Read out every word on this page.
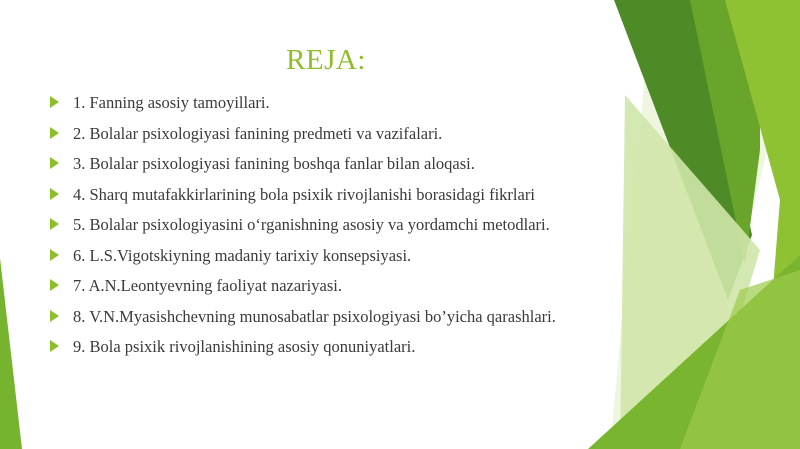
REJA:
1. Fanning asosiy tamoyillari.
2. Bolalar psixologiyasi fanining predmeti va vazifalari.
3. Bolalar psixologiyasi fanining boshqa fanlar bilan aloqasi.
4. Sharq mutafakkirlarining bola psixik rivojlanishi borasidagi fikrlari
5. Bolalar psixologiyasini o‘rganishning asosiy va yordamchi metodlari.
6. L.S.Vigotskiyning madaniy tarixiy konsepsiyasi.
7. A.N.Leontyevning faoliyat nazariyasi.
8. V.N.Myasishchevning munosabatlar psixologiyasi bo’yicha qarashlari.
9. Bola psixik rivojlanishining asosiy qonuniyatlari.
